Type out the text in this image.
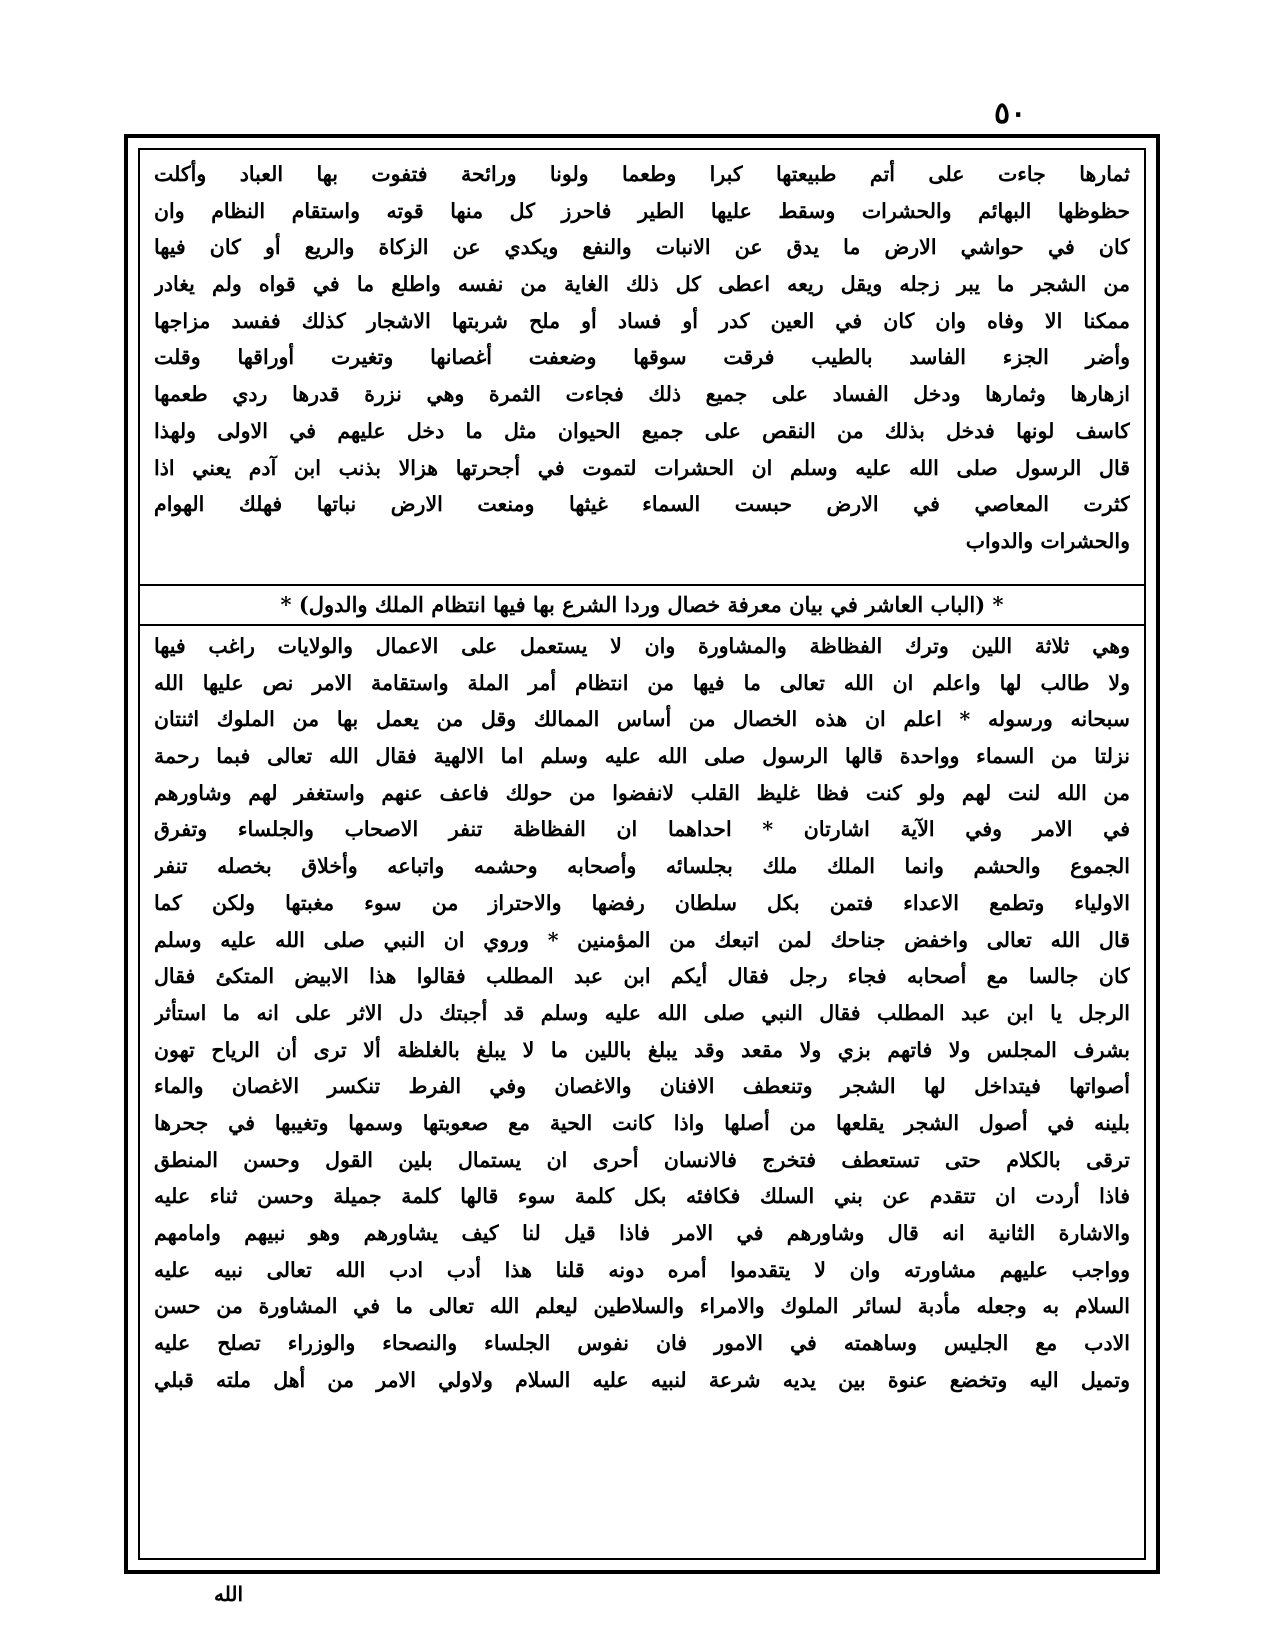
٥٠
ثمارها جاءت على أتم طبيعتها كبرا وطعما ولونا ورائحة فتفوت بها العباد وأكلت
حظوظها البهائم والحشرات وسقط عليها الطير فاحرز كل منها قوته واستقام النظام وان
كان في حواشي الارض ما يدق عن الانبات والنفع ويكدي عن الزكاة والريع أو كان فيها
من الشجر ما يبر زجله ويقل ريعه اعطى كل ذلك الغاية من نفسه واطلع ما في قواه ولم يغادر
ممكنا الا وفاه وان كان في العين كدر أو فساد أو ملح شربتها الاشجار كذلك ففسد مزاجها
وأضر الجزء الفاسد بالطيب فرقت سوقها وضعفت أغصانها وتغيرت أوراقها وقلت
ازهارها وثمارها ودخل الفساد على جميع ذلك فجاءت الثمرة وهي نزرة قدرها ردي طعمها
كاسف لونها فدخل بذلك من النقص على جميع الحيوان مثل ما دخل عليهم في الاولى ولهذا
قال الرسول صلى الله عليه وسلم ان الحشرات لتموت في أجحرتها هزالا بذنب ابن آدم يعني اذا
كثرت المعاصي في الارض حبست السماء غيثها ومنعت الارض نباتها فهلك الهوام
والحشرات والدواب
* (الباب العاشر في بيان معرفة خصال وردا الشرع بها فيها انتظام الملك والدول) *
وهي ثلاثة اللين وترك الفظاظة والمشاورة وان لا يستعمل على الاعمال والولايات راغب فيها
ولا طالب لها واعلم ان الله تعالى ما فيها من انتظام أمر الملة واستقامة الامر نص عليها الله
سبحانه ورسوله * اعلم ان هذه الخصال من أساس الممالك وقل من يعمل بها من الملوك اثنتان
نزلتا من السماء وواحدة قالها الرسول صلى الله عليه وسلم اما الالهية فقال الله تعالى فبما رحمة
من الله لنت لهم ولو كنت فظا غليظ القلب لانفضوا من حولك فاعف عنهم واستغفر لهم وشاورهم
في الامر وفي الآية اشارتان * احداهما ان الفظاظة تنفر الاصحاب والجلساء وتفرق
الجموع والحشم وانما الملك ملك بجلسائه وأصحابه وحشمه واتباعه وأخلاق بخصله تنفر
الاولياء وتطمع الاعداء فتمن بكل سلطان رفضها والاحتراز من سوء مغبتها ولكن كما
قال الله تعالى واخفض جناحك لمن اتبعك من المؤمنين * وروي ان النبي صلى الله عليه وسلم
كان جالسا مع أصحابه فجاء رجل فقال أيكم ابن عبد المطلب فقالوا هذا الابيض المتكئ فقال
الرجل يا ابن عبد المطلب فقال النبي صلى الله عليه وسلم قد أجبتك دل الاثر على انه ما استأثر
بشرف المجلس ولا فاتهم بزي ولا مقعد وقد يبلغ باللين ما لا يبلغ بالغلظة ألا ترى أن الرياح تهون
أصواتها فيتداخل لها الشجر وتنعطف الافنان والاغصان وفي الفرط تنكسر الاغصان والماء
بلينه في أصول الشجر يقلعها من أصلها واذا كانت الحية مع صعوبتها وسمها وتغيبها في جحرها
ترقى بالكلام حتى تستعطف فتخرج فالانسان أحرى ان يستمال بلين القول وحسن المنطق
فاذا أردت ان تتقدم عن بني السلك فكافئه بكل كلمة سوء قالها كلمة جميلة وحسن ثناء عليه
والاشارة الثانية انه قال وشاورهم في الامر فاذا قيل لنا كيف يشاورهم وهو نبيهم وامامهم
وواجب عليهم مشاورته وان لا يتقدموا أمره دونه قلنا هذا أدب ادب الله تعالى نبيه عليه
السلام به وجعله مأدبة لسائر الملوك والامراء والسلاطين ليعلم الله تعالى ما في المشاورة من حسن
الادب مع الجليس وساهمته في الامور فان نفوس الجلساء والنصحاء والوزراء تصلح عليه
وتميل اليه وتخضع عنوة بين يديه شرعة لنبيه عليه السلام ولاولي الامر من أهل ملته قبلي
الله
